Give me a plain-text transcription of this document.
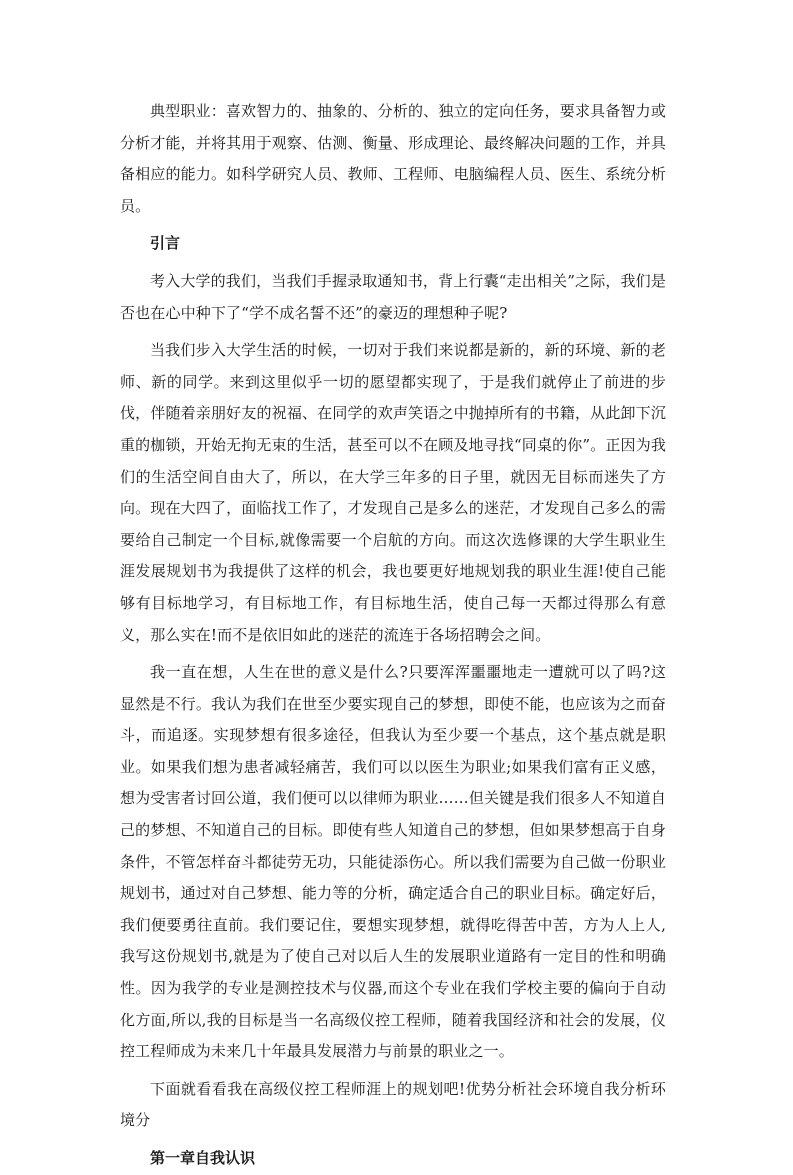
典型职业：喜欢智力的、抽象的、分析的、独立的定向任务，要求具备智力或分析才能，并将其用于观察、估测、衡量、形成理论、最终解决问题的工作，并具备相应的能力。如科学研究人员、教师、工程师、电脑编程人员、医生、系统分析员。

引言

考入大学的我们，当我们手握录取通知书，背上行囊“走出相关”之际，我们是否也在心中种下了“学不成名誓不还”的豪迈的理想种子呢?

当我们步入大学生活的时候，一切对于我们来说都是新的，新的环境、新的老师、新的同学。来到这里似乎一切的愿望都实现了，于是我们就停止了前进的步伐，伴随着亲朋好友的祝福、在同学的欢声笑语之中抛掉所有的书籍，从此卸下沉重的枷锁，开始无拘无束的生活，甚至可以不在顾及地寻找“同桌的你”。正因为我们的生活空间自由大了，所以，在大学三年多的日子里，就因无目标而迷失了方向。现在大四了，面临找工作了，才发现自己是多么的迷茫，才发现自己多么的需要给自己制定一个目标,就像需要一个启航的方向。而这次选修课的大学生职业生涯发展规划书为我提供了这样的机会，我也要更好地规划我的职业生涯!使自己能够有目标地学习，有目标地工作，有目标地生活，使自己每一天都过得那么有意义，那么实在!而不是依旧如此的迷茫的流连于各场招聘会之间。

我一直在想，人生在世的意义是什么?只要浑浑噩噩地走一遭就可以了吗?这显然是不行。我认为我们在世至少要实现自己的梦想，即使不能，也应该为之而奋斗，而追逐。实现梦想有很多途径，但我认为至少要一个基点，这个基点就是职业。如果我们想为患者减轻痛苦，我们可以以医生为职业;如果我们富有正义感，想为受害者讨回公道，我们便可以以律师为职业……但关键是我们很多人不知道自己的梦想、不知道自己的目标。即使有些人知道自己的梦想，但如果梦想高于自身条件，不管怎样奋斗都徒劳无功，只能徒添伤心。所以我们需要为自己做一份职业规划书，通过对自己梦想、能力等的分析，确定适合自己的职业目标。确定好后，我们便要勇往直前。我们要记住，要想实现梦想，就得吃得苦中苦，方为人上人,我写这份规划书,就是为了使自己对以后人生的发展职业道路有一定目的性和明确性。因为我学的专业是测控技术与仪器,而这个专业在我们学校主要的偏向于自动化方面,所以,我的目标是当一名高级仪控工程师，随着我国经济和社会的发展，仪控工程师成为未来几十年最具发展潜力与前景的职业之一。

下面就看看我在高级仪控工程师涯上的规划吧!优势分析社会环境自我分析环境分

第一章自我认识
